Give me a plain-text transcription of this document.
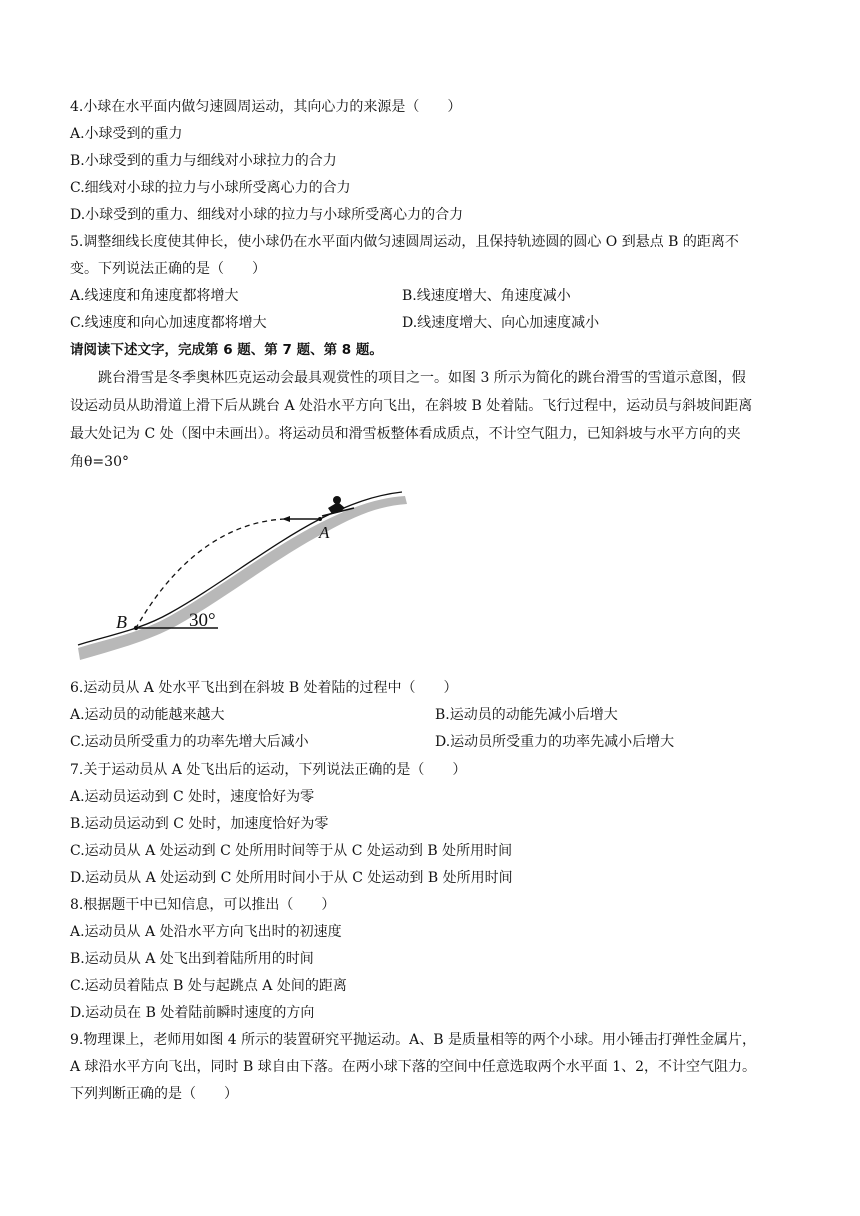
4.小球在水平面内做匀速圆周运动，其向心力的来源是（　　）
A.小球受到的重力
B.小球受到的重力与细线对小球拉力的合力
C.细线对小球的拉力与小球所受离心力的合力
D.小球受到的重力、细线对小球的拉力与小球所受离心力的合力
5.调整细线长度使其伸长，使小球仍在水平面内做匀速圆周运动，且保持轨迹圆的圆心 O 到悬点 B 的距离不
变。下列说法正确的是（　　）
A.线速度和角速度都将增大	B.线速度增大、角速度减小
C.线速度和向心加速度都将增大	D.线速度增大、向心加速度减小
请阅读下述文字，完成第 6 题、第 7 题、第 8 题。
跳台滑雪是冬季奥林匹克运动会最具观赏性的项目之一。如图 3 所示为简化的跳台滑雪的雪道示意图，假
设运动员从助滑道上滑下后从跳台 A 处沿水平方向飞出，在斜坡 B 处着陆。飞行过程中，运动员与斜坡间距离
最大处记为 C 处（图中未画出）。将运动员和滑雪板整体看成质点，不计空气阻力，已知斜坡与水平方向的夹
角θ=30°
A
B	30°
6.运动员从 A 处水平飞出到在斜坡 B 处着陆的过程中（　　）
A.运动员的动能越来越大	B.运动员的动能先减小后增大
C.运动员所受重力的功率先增大后减小	D.运动员所受重力的功率先减小后增大
7.关于运动员从 A 处飞出后的运动，下列说法正确的是（　　）
A.运动员运动到 C 处时，速度恰好为零
B.运动员运动到 C 处时，加速度恰好为零
C.运动员从 A 处运动到 C 处所用时间等于从 C 处运动到 B 处所用时间
D.运动员从 A 处运动到 C 处所用时间小于从 C 处运动到 B 处所用时间
8.根据题干中已知信息，可以推出（　　）
A.运动员从 A 处沿水平方向飞出时的初速度
B.运动员从 A 处飞出到着陆所用的时间
C.运动员着陆点 B 处与起跳点 A 处间的距离
D.运动员在 B 处着陆前瞬时速度的方向
9.物理课上，老师用如图 4 所示的装置研究平抛运动。A、B 是质量相等的两个小球。用小锤击打弹性金属片，
A 球沿水平方向飞出，同时 B 球自由下落。在两小球下落的空间中任意选取两个水平面 1、2，不计空气阻力。
下列判断正确的是（　　）
